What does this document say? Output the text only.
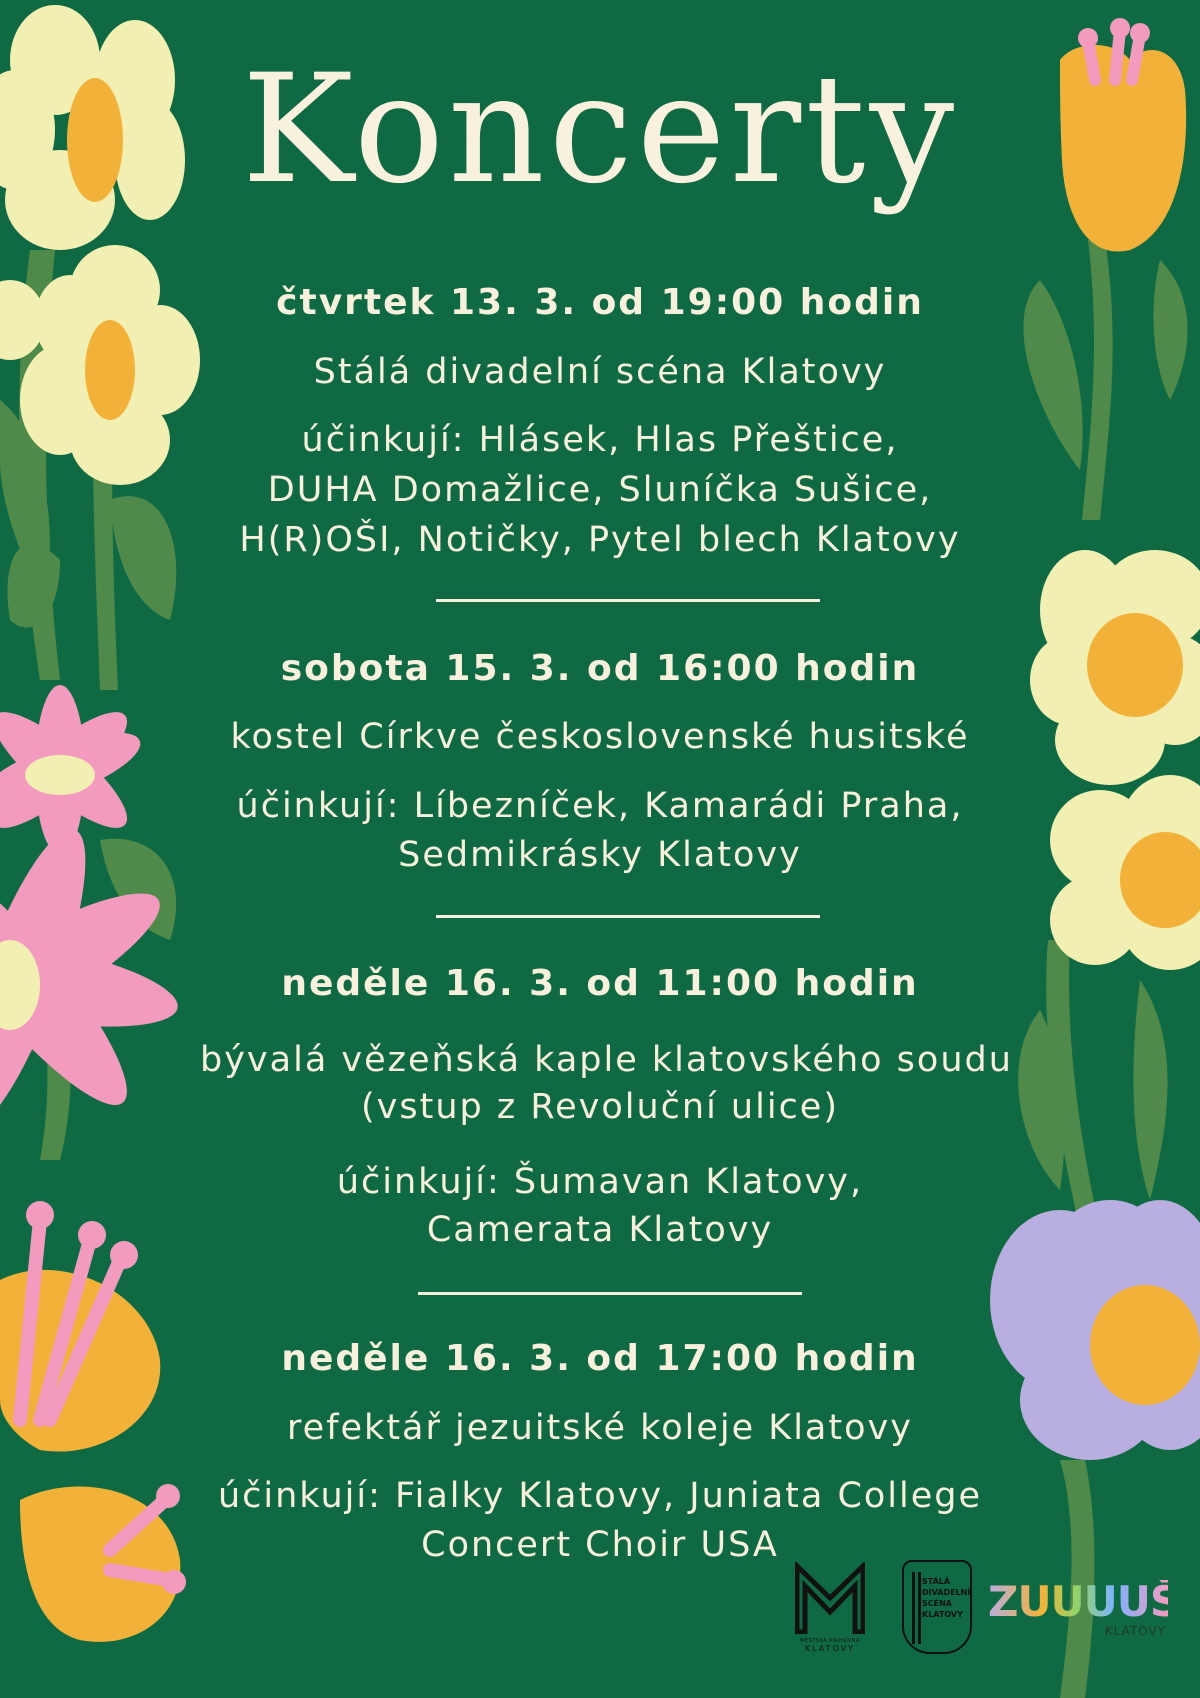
Koncerty
čtvrtek 13. 3. od 19:00 hodin
Stálá divadelní scéna Klatovy
účinkují: Hlásek, Hlas Přeštice,
DUHA Domažlice, Sluníčka Sušice,
H(R)OŠI, Notičky, Pytel blech Klatovy
sobota 15. 3. od 16:00 hodin
kostel Církve československé husitské
účinkují: Líbezníček, Kamarádi Praha,
Sedmikrásky Klatovy
neděle 16. 3. od 11:00 hodin
bývalá vězeňská kaple klatovského soudu
(vstup z Revoluční ulice)
účinkují: Šumavan Klatovy,
Camerata Klatovy
neděle 16. 3. od 17:00 hodin
refektář jezuitské koleje Klatovy
účinkují: Fialky Klatovy, Juniata College
Concert Choir USA
MĚSTSKÁ KNIHOVNA
KLATOVY
STÁLÁ
DIVADELNÍ
SCÉNA
KLATOVY ZUUUUŠ
KLATOVY
